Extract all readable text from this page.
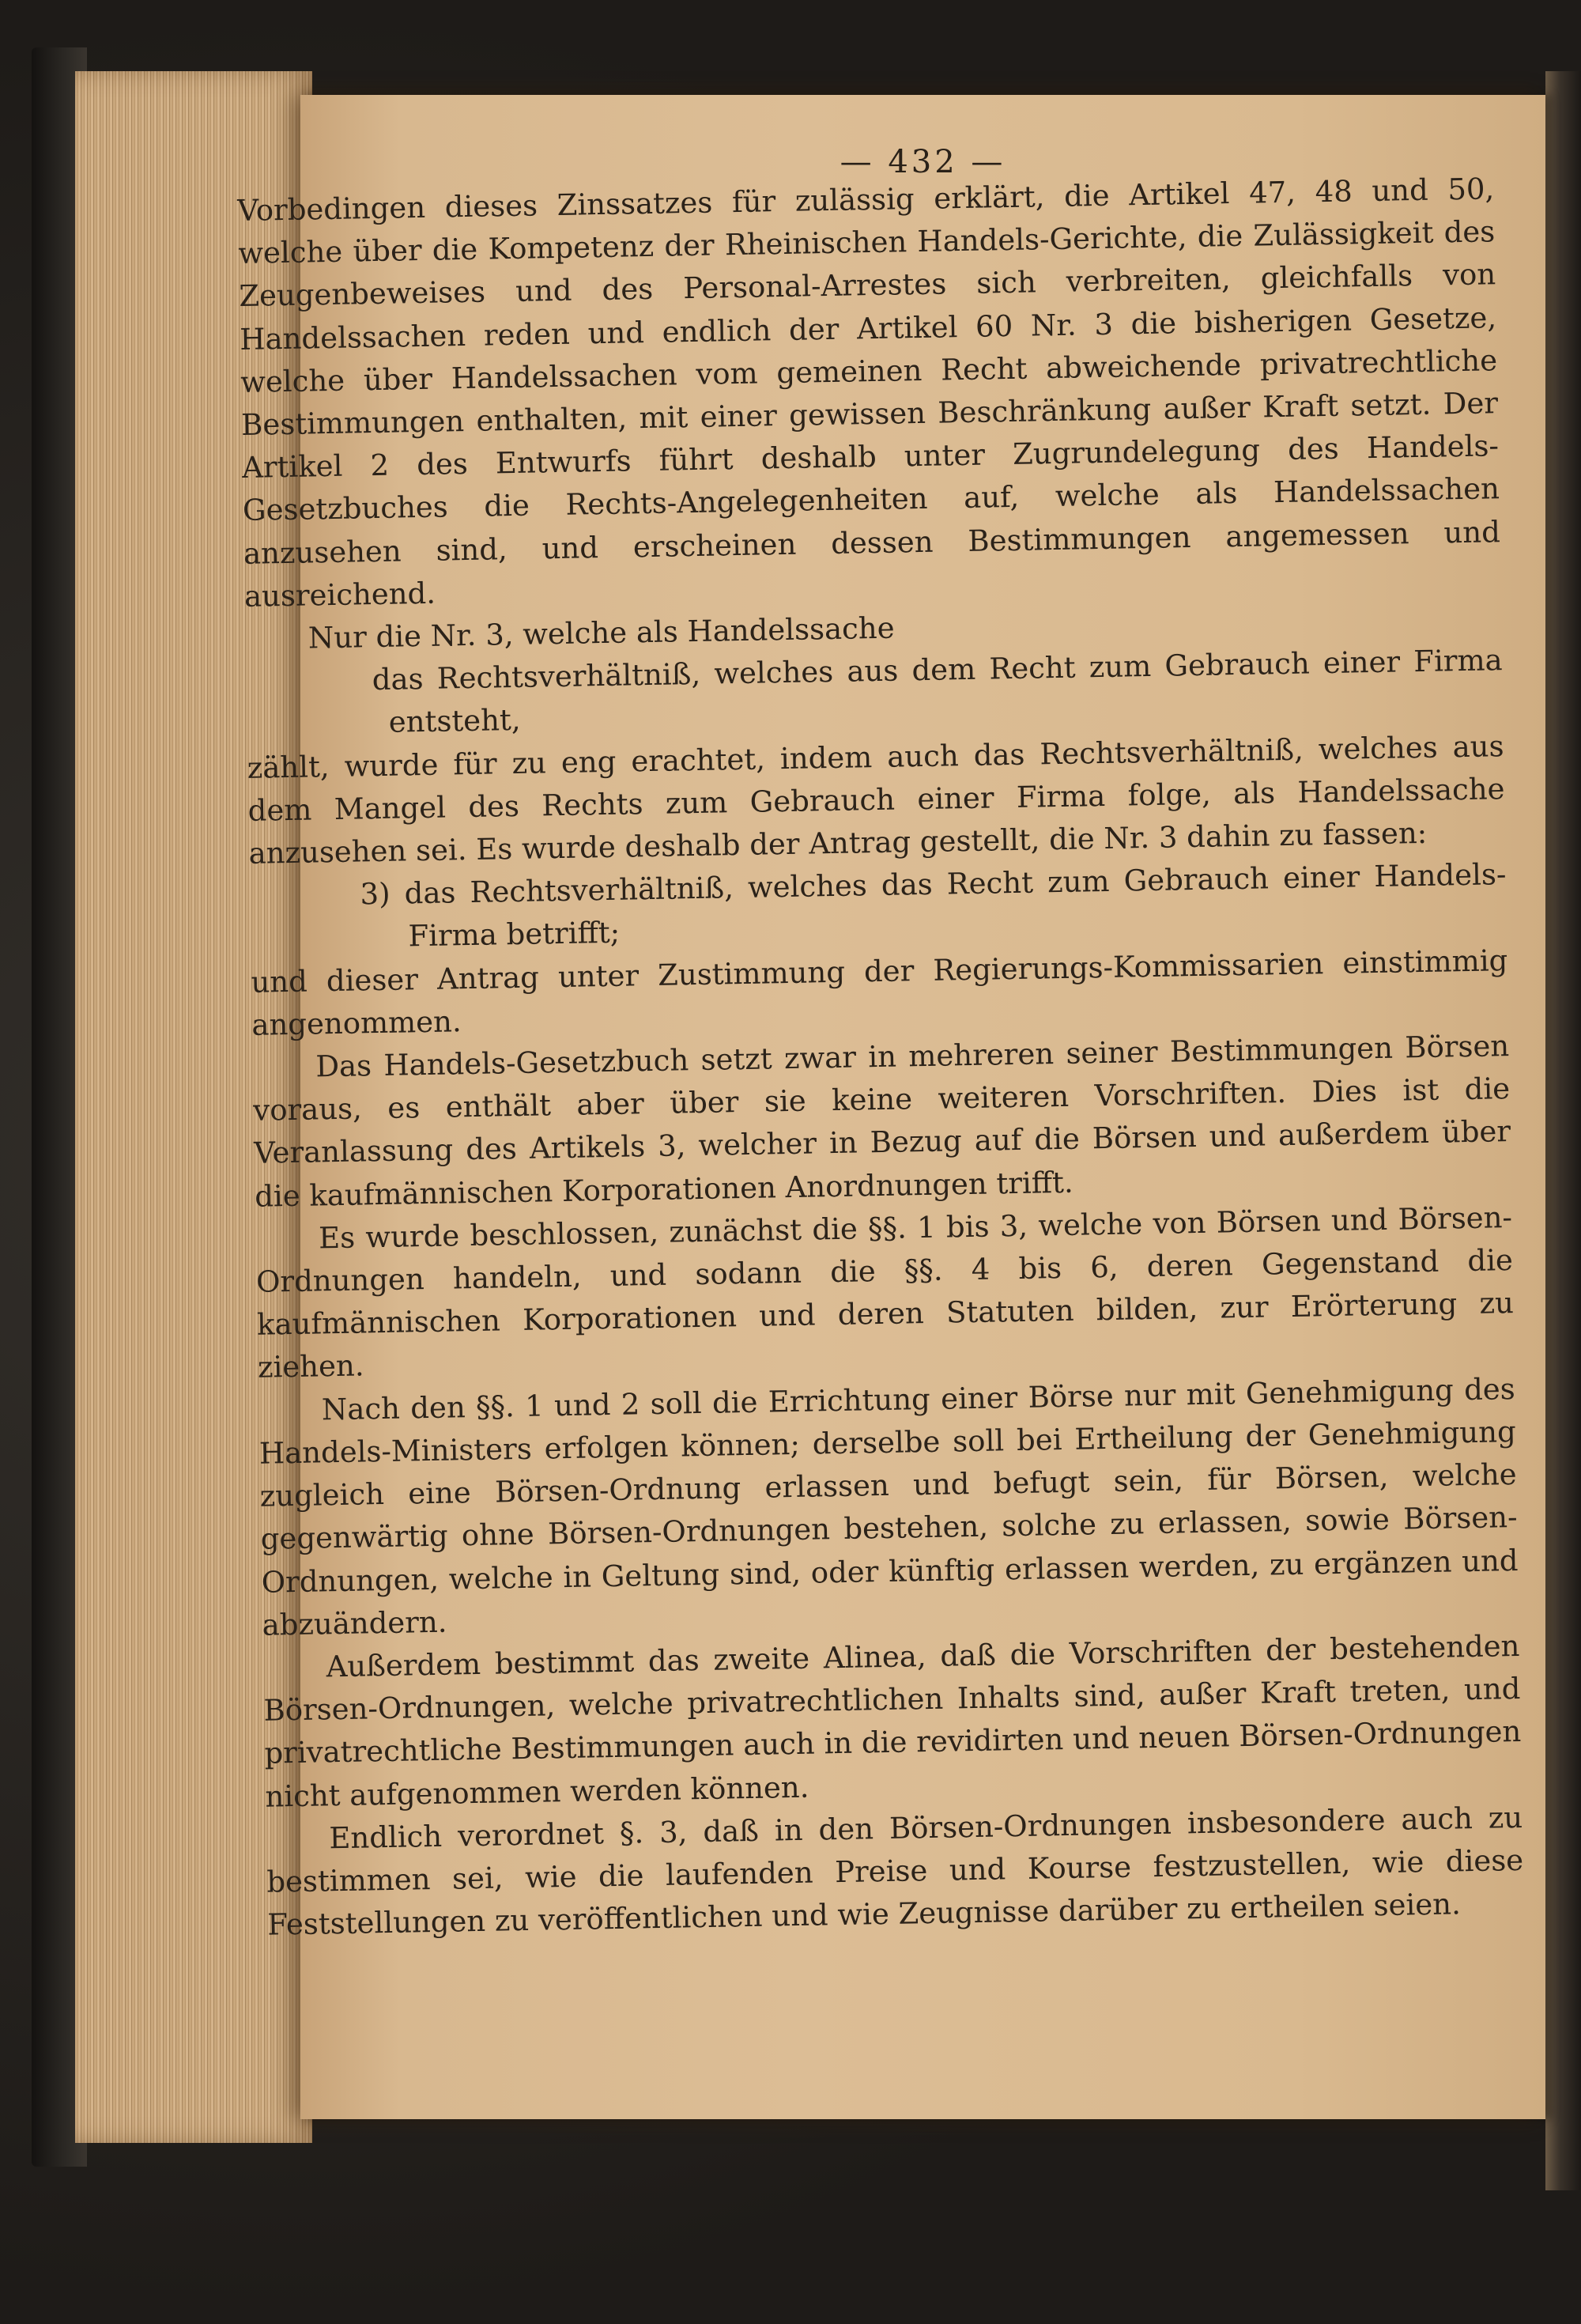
— 432 —

Vorbedingen dieses Zinssatzes für zulässig erklärt, die Artikel 47, 48 und 50, welche über die Kompetenz der Rheinischen Handels-Gerichte, die Zulässigkeit des Zeugenbeweises und des Personal-Arrestes sich verbreiten, gleichfalls von Handelssachen reden und endlich der Artikel 60 Nr. 3 die bisherigen Gesetze, welche über Handelssachen vom gemeinen Recht abweichende privatrechtliche Bestimmungen enthalten, mit einer gewissen Beschränkung außer Kraft setzt. Der Artikel 2 des Entwurfs führt deshalb unter Zugrundelegung des Handels-Gesetzbuches die Rechts-Angelegenheiten auf, welche als Handelssachen anzusehen sind, und erscheinen dessen Bestimmungen angemessen und ausreichend.

Nur die Nr. 3, welche als Handelssache

das Rechtsverhältniß, welches aus dem Recht zum Gebrauch einer Firma entsteht,

zählt, wurde für zu eng erachtet, indem auch das Rechtsverhältniß, welches aus dem Mangel des Rechts zum Gebrauch einer Firma folge, als Handelssache anzusehen sei. Es wurde deshalb der Antrag gestellt, die Nr. 3 dahin zu fassen:

3) das Rechtsverhältniß, welches das Recht zum Gebrauch einer Handels-Firma betrifft;

und dieser Antrag unter Zustimmung der Regierungs-Kommissarien einstimmig angenommen.

Das Handels-Gesetzbuch setzt zwar in mehreren seiner Bestimmungen Börsen voraus, es enthält aber über sie keine weiteren Vorschriften. Dies ist die Veranlassung des Artikels 3, welcher in Bezug auf die Börsen und außerdem über die kaufmännischen Korporationen Anordnungen trifft.

Es wurde beschlossen, zunächst die §§. 1 bis 3, welche von Börsen und Börsen-Ordnungen handeln, und sodann die §§. 4 bis 6, deren Gegenstand die kaufmännischen Korporationen und deren Statuten bilden, zur Erörterung zu ziehen.

Nach den §§. 1 und 2 soll die Errichtung einer Börse nur mit Genehmigung des Handels-Ministers erfolgen können; derselbe soll bei Ertheilung der Genehmigung zugleich eine Börsen-Ordnung erlassen und befugt sein, für Börsen, welche gegenwärtig ohne Börsen-Ordnungen bestehen, solche zu erlassen, sowie Börsen-Ordnungen, welche in Geltung sind, oder künftig erlassen werden, zu ergänzen und abzuändern.

Außerdem bestimmt das zweite Alinea, daß die Vorschriften der bestehenden Börsen-Ordnungen, welche privatrechtlichen Inhalts sind, außer Kraft treten, und privatrechtliche Bestimmungen auch in die revidirten und neuen Börsen-Ordnungen nicht aufgenommen werden können.

Endlich verordnet §. 3, daß in den Börsen-Ordnungen insbesondere auch zu bestimmen sei, wie die laufenden Preise und Kourse festzustellen, wie diese Feststellungen zu veröffentlichen und wie Zeugnisse darüber zu ertheilen seien.
